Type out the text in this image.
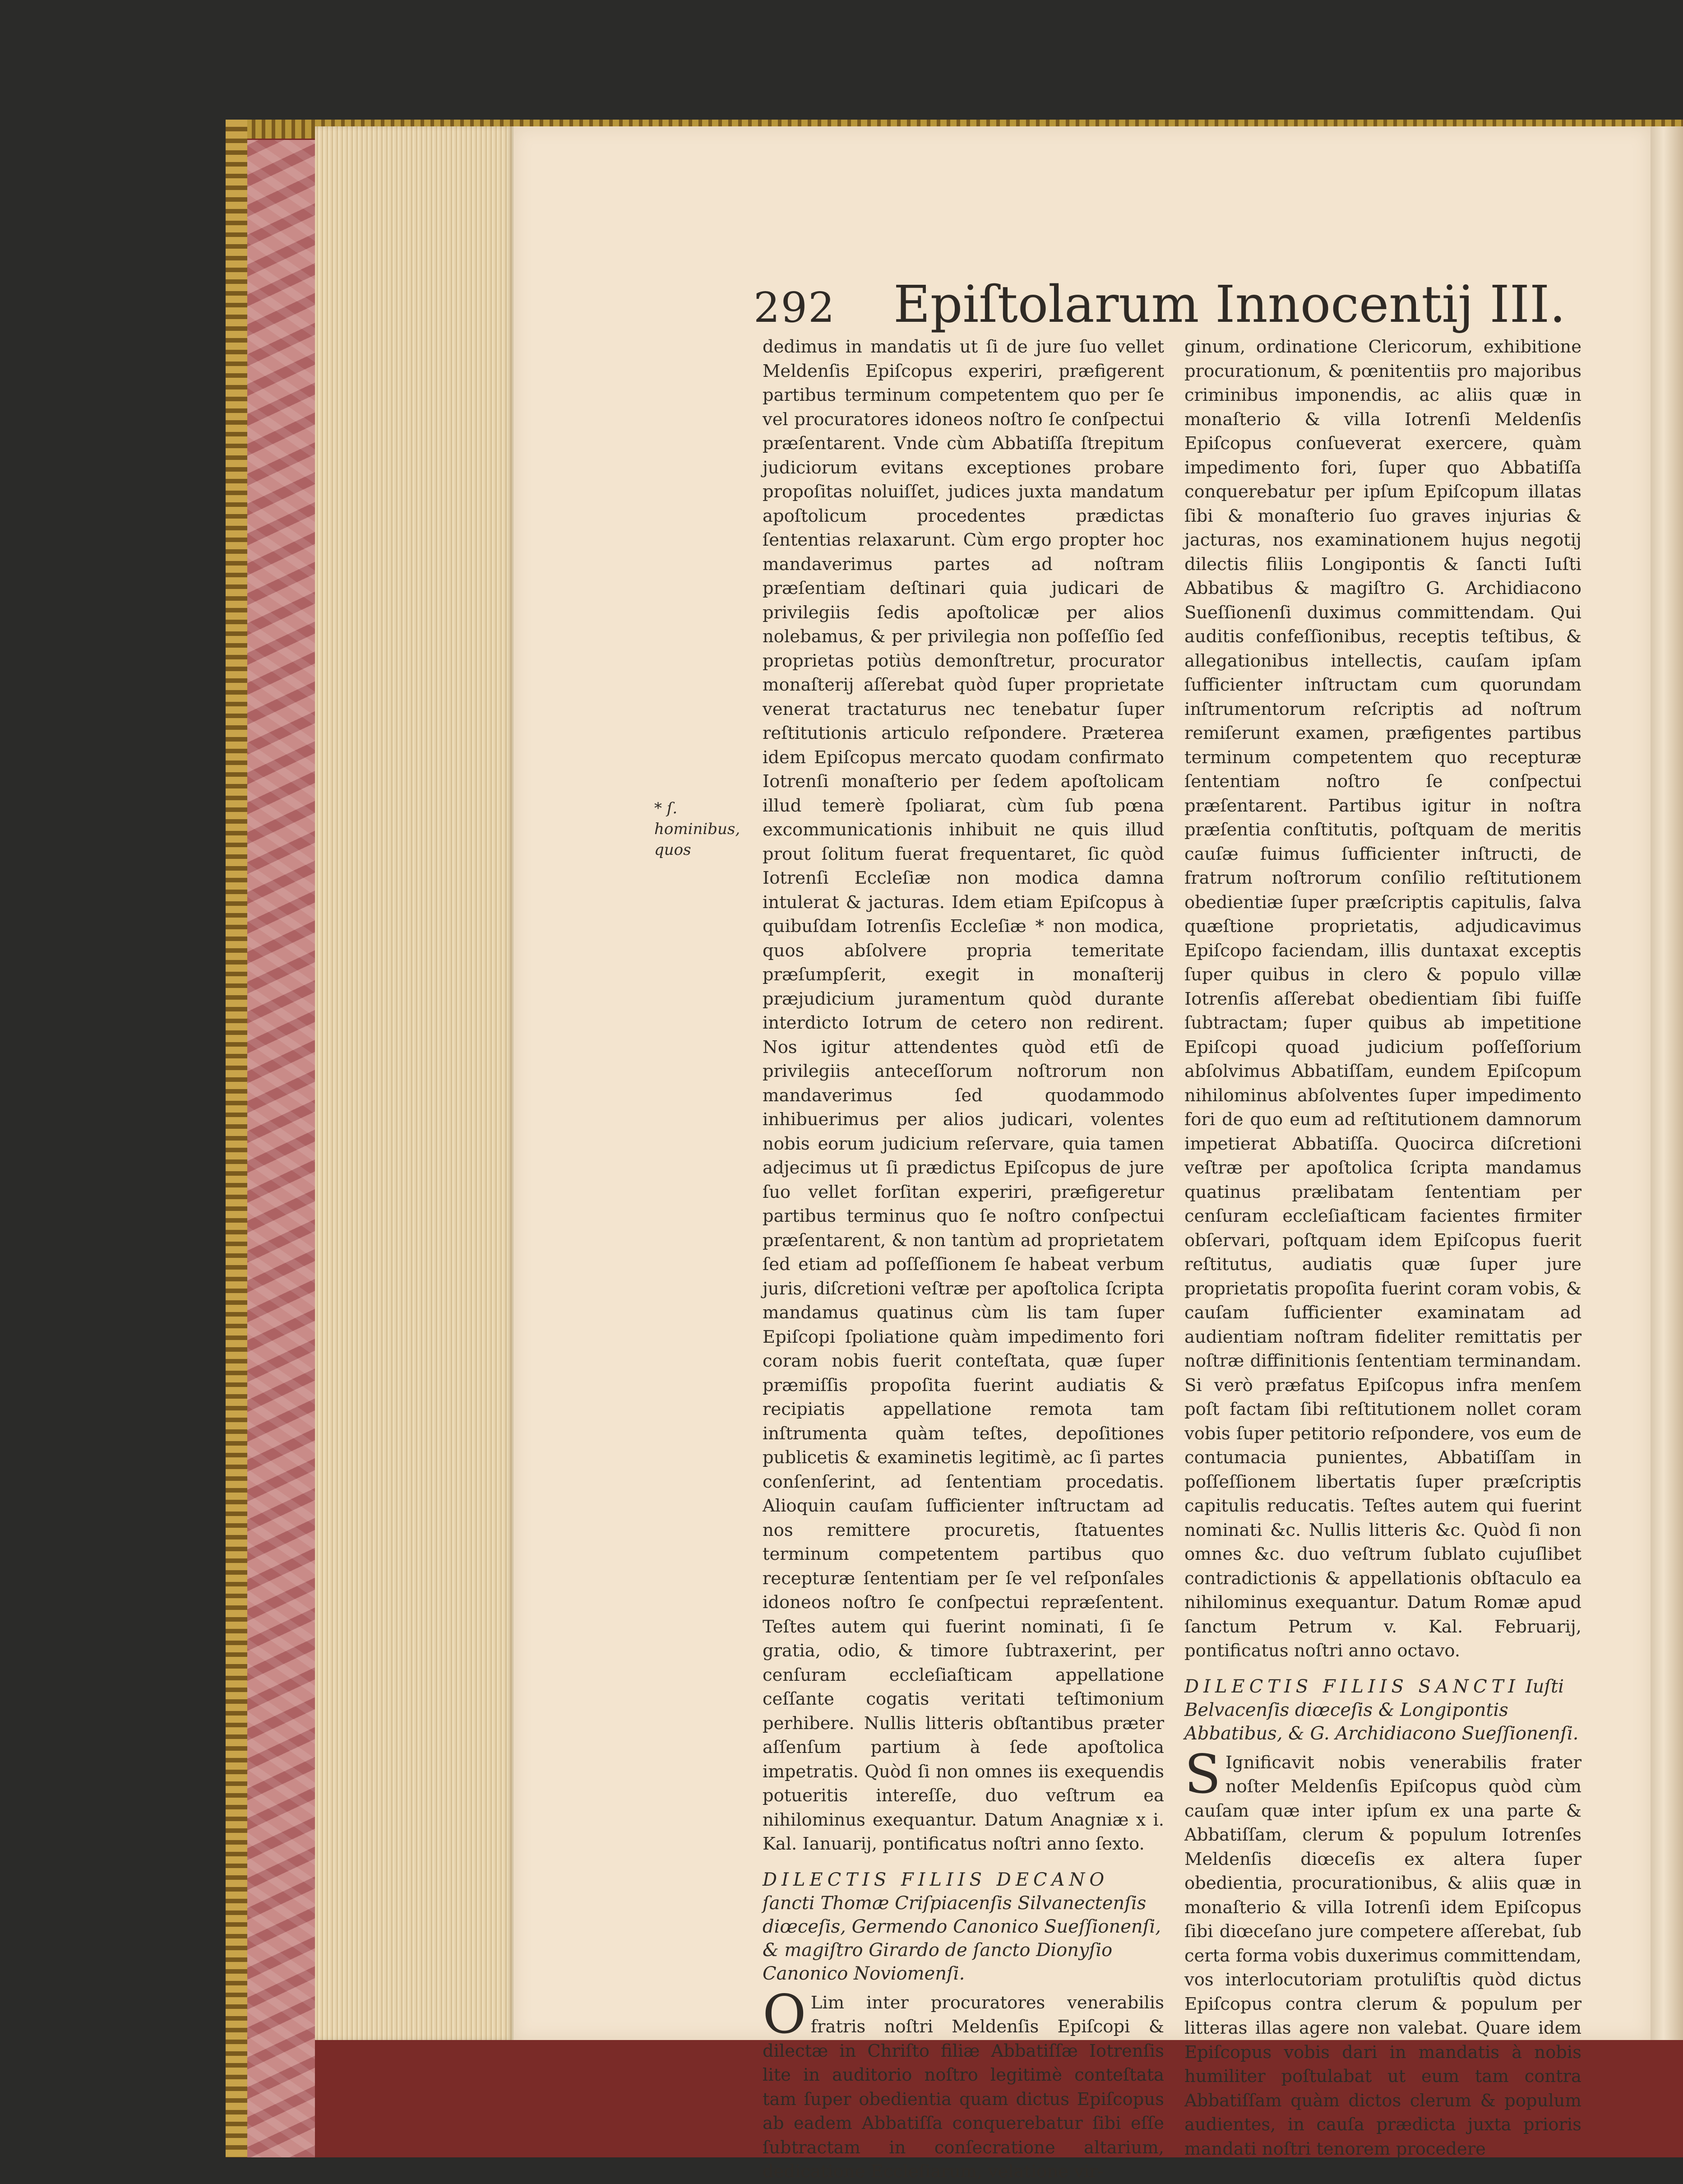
292 Epiſtolarum Innocentij III.
* ſ. hominibus, quos

dedimus in mandatis ut ſi de jure ſuo vellet Meldenſis Epiſcopus experiri, præfigerent partibus terminum competentem quo per ſe vel procuratores idoneos noſtro ſe conſpectui præſentarent. Vnde cùm Abbatiſſa ſtrepitum judiciorum evitans exceptiones probare propoſitas noluiſſet, judices juxta mandatum apoſtolicum procedentes prædictas ſententias relaxarunt. Cùm ergo propter hoc mandaverimus partes ad noſtram præſentiam deſtinari quia judicari de privilegiis ſedis apoſtolicæ per alios nolebamus, & per privilegia non poſſeſſio ſed proprietas potiùs demonſtretur, procurator monaſterij aſſerebat quòd ſuper proprietate venerat tractaturus nec tenebatur ſuper reſtitutionis articulo reſpondere. Præterea idem Epiſcopus mercato quodam confirmato Iotrenſi monaſterio per ſedem apoſtolicam illud temerè ſpoliarat, cùm ſub pœna excommunicationis inhibuit ne quis illud prout ſolitum fuerat frequentaret, ſic quòd Iotrenſi Eccleſiæ non modica damna intulerat & jacturas. Idem etiam Epiſcopus à quibuſdam Iotrenſis Eccleſiæ * non modica, quos abſolvere propria temeritate præſumpſerit, exegit in monaſterij præjudicium juramentum quòd durante interdicto Iotrum de cetero non redirent. Nos igitur attendentes quòd etſi de privilegiis anteceſſorum noſtrorum non mandaverimus ſed quodammodo inhibuerimus per alios judicari, volentes nobis eorum judicium reſervare, quia tamen adjecimus ut ſi prædictus Epiſcopus de jure ſuo vellet forſitan experiri, præfigeretur partibus terminus quo ſe noſtro conſpectui præſentarent, & non tantùm ad proprietatem ſed etiam ad poſſeſſionem ſe habeat verbum juris, diſcretioni veſtræ per apoſtolica ſcripta mandamus quatinus cùm lis tam ſuper Epiſcopi ſpoliatione quàm impedimento fori coram nobis fuerit conteſtata, quæ ſuper præmiſſis propoſita fuerint audiatis & recipiatis appellatione remota tam inſtrumenta quàm teſtes, depoſitiones publicetis & examinetis legitimè, ac ſi partes conſenſerint, ad ſententiam procedatis. Alioquin cauſam ſufficienter inſtructam ad nos remittere procuretis, ſtatuentes terminum competentem partibus quo recepturæ ſententiam per ſe vel reſponſales idoneos noſtro ſe conſpectui repræſentent. Teſtes autem qui fuerint nominati, ſi ſe gratia, odio, & timore ſubtraxerint, per cenſuram eccleſiaſticam appellatione ceſſante cogatis veritati teſtimonium perhibere. Nullis litteris obſtantibus præter aſſenſum partium à ſede apoſtolica impetratis. Quòd ſi non omnes iis exequendis potueritis intereſſe, duo veſtrum ea nihilominus exequantur. Datum Anagniæ x i. Kal. Ianuarij, pontificatus noſtri anno ſexto.

DILECTIS FILIIS DECANO ſancti Thomæ Criſpiacenſis Silvanectenſis diœceſis, Germendo Canonico Sueſſionenſi, & magiſtro Girardo de ſancto Dionyſio Canonico Noviomenſi.

O Lim inter procuratores venerabilis fratris noſtri Meldenſis Epiſcopi & dilectæ in Chriſto filiæ Abbatiſſæ Iotrenſis lite in auditorio noſtro legitimè conteſtata tam ſuper obedientia quam dictus Epiſcopus ab eadem Abbatiſſa conquerebatur ſibi eſſe ſubtractam in conſecratione altarium, dedicatione Eccleſiarum, velatione vir-

ginum, ordinatione Clericorum, exhibitione procurationum, & pœnitentiis pro majoribus criminibus imponendis, ac aliis quæ in monaſterio & villa Iotrenſi Meldenſis Epiſcopus conſueverat exercere, quàm impedimento fori, ſuper quo Abbatiſſa conquerebatur per ipſum Epiſcopum illatas ſibi & monaſterio ſuo graves injurias & jacturas, nos examinationem hujus negotij dilectis filiis Longipontis & ſancti Iuſti Abbatibus & magiſtro G. Archidiacono Sueſſionenſi duximus committendam. Qui auditis confeſſionibus, receptis teſtibus, & allegationibus intellectis, cauſam ipſam ſufficienter inſtructam cum quorundam inſtrumentorum reſcriptis ad noſtrum remiſerunt examen, præfigentes partibus terminum competentem quo recepturæ ſententiam noſtro ſe conſpectui præſentarent. Partibus igitur in noſtra præſentia conſtitutis, poſtquam de meritis cauſæ fuimus ſufficienter inſtructi, de fratrum noſtrorum conſilio reſtitutionem obedientiæ ſuper præſcriptis capitulis, ſalva quæſtione proprietatis, adjudicavimus Epiſcopo faciendam, illis duntaxat exceptis ſuper quibus in clero & populo villæ Iotrenſis aſſerebat obedientiam ſibi fuiſſe ſubtractam; ſuper quibus ab impetitione Epiſcopi quoad judicium poſſeſſorium abſolvimus Abbatiſſam, eundem Epiſcopum nihilominus abſolventes ſuper impedimento fori de quo eum ad reſtitutionem damnorum impetierat Abbatiſſa. Quocirca diſcretioni veſtræ per apoſtolica ſcripta mandamus quatinus prælibatam ſententiam per cenſuram eccleſiaſticam facientes firmiter obſervari, poſtquam idem Epiſcopus fuerit reſtitutus, audiatis quæ ſuper jure proprietatis propoſita fuerint coram vobis, & cauſam ſufficienter examinatam ad audientiam noſtram fideliter remittatis per noſtræ diffinitionis ſententiam terminandam. Si verò præfatus Epiſcopus infra menſem poſt factam ſibi reſtitutionem nollet coram vobis ſuper petitorio reſpondere, vos eum de contumacia punientes, Abbatiſſam in poſſeſſionem libertatis ſuper præſcriptis capitulis reducatis. Teſtes autem qui fuerint nominati &c. Nullis litteris &c. Quòd ſi non omnes &c. duo veſtrum ſublato cujuſlibet contradictionis & appellationis obſtaculo ea nihilominus exequantur. Datum Romæ apud ſanctum Petrum v. Kal. Februarij, pontificatus noſtri anno octavo.

DILECTIS FILIIS SANCTI Iuſti Belvacenſis diœceſis & Longipontis Abbatibus, & G. Archidiacono Sueſſionenſi.

S Ignificavit nobis venerabilis frater noſter Meldenſis Epiſcopus quòd cùm cauſam quæ inter ipſum ex una parte & Abbatiſſam, clerum & populum Iotrenſes Meldenſis diœceſis ex altera ſuper obedientia, procurationibus, & aliis quæ in monaſterio & villa Iotrenſi idem Epiſcopus ſibi diœceſano jure competere aſſerebat, ſub certa forma vobis duxerimus committendam, vos interlocutoriam protuliſtis quòd dictus Epiſcopus contra clerum & populum per litteras illas agere non valebat. Quare idem Epiſcopus vobis dari in mandatis à nobis humiliter poſtulabat ut eum tam contra Abbatiſſam quàm dictos clerum & populum audientes, in cauſa prædicta juxta prioris mandati noſtri tenorem procedere
